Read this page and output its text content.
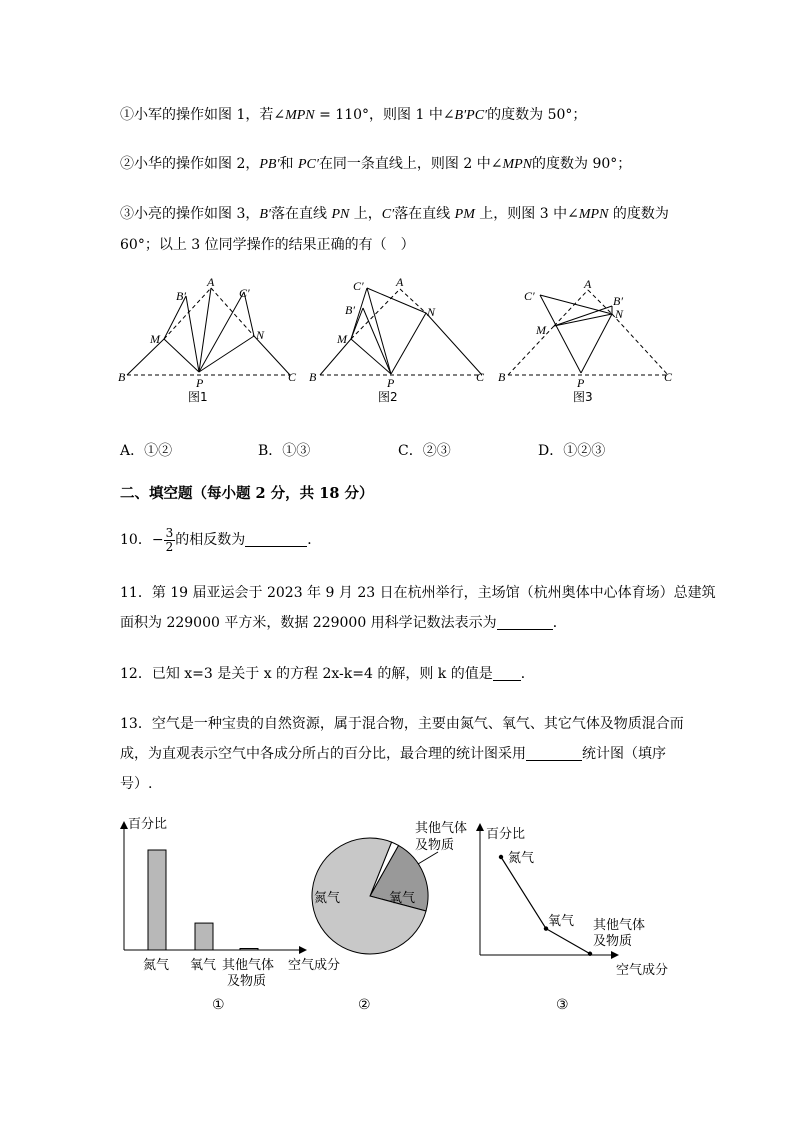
①小军的操作如图 1，若∠MPN = 110°，则图 1 中∠B′PC′的度数为 50°；
②小华的操作如图 2，PB′和 PC′在同一条直线上，则图 2 中∠MPN的度数为 90°；
③小亮的操作如图 3，B′落在直线 PN 上，C′落在直线 PM 上，则图 3 中∠MPN 的度数为
60°；以上 3 位同学操作的结果正确的有（　）
A
B′	C′
M	N
B	P	C
图1
A
C′
B′
M
N
B	P	C
图2
A
C′	B′
M
N
B	P	C
图3
A．①②	B．①③	C．②③	D．①②③
二、填空题（每小题 2 分，共 18 分）
10．− $\frac{3}{2}$ 的相反数为	．
11．第 19 届亚运会于 2023 年 9 月 23 日在杭州举行，主场馆（杭州奥体中心体育场）总建筑
面积为 229000 平方米，数据 229000 用科学记数法表示为	．
12．已知 x=3 是关于 x 的方程 2x-k=4 的解，则 k 的值是 ．
13．空气是一种宝贵的自然资源，属于混合物，主要由氮气、氧气、其它气体及物质混合而
成，为直观表示空气中各成分所占的百分比，最合理的统计图采用	统计图（填序
号）.
百分比
氮气 氧气 其他气体
及物质
空气成分
①
氮气	氧气
其他气体
及物质
②
百分比
氮气
氧气 其他气体
及物质
空气成分
③
